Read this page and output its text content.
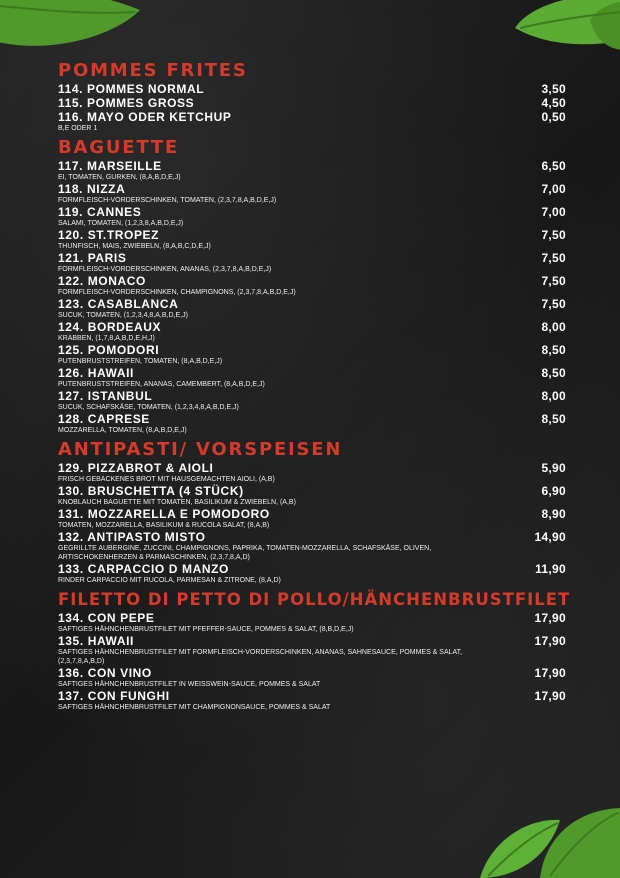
POMMES FRITES
114. POMMES NORMAL	3,50
115. POMMES GROSS	4,50
116. MAYO ODER KETCHUP
B,E ODER 1
0,50
BAGUETTE
117. MARSEILLE
EI, TOMATEN, GURKEN, (8,A,B,D,E,J)
6,50
118. NIZZA
FORMFLEISCH-VORDERSCHINKEN, TOMATEN, (2,3,7,8,A,B,D,E,J)
7,00
119. CANNES
SALAMI, TOMATEN, (1,2,3,8,A,B,D,E,J)
7,00
120. ST.TROPEZ
THUNFISCH, MAIS, ZWIEBELN, (8,A,B,C,D,E,J)
7,50
121. PARIS
FORMFLEISCH-VORDERSCHINKEN, ANANAS, (2,3,7,8,A,B,D,E,J)
7,50
122. MONACO
FORMFLEISCH-VORDERSCHINKEN, CHAMPIGNONS, (2,3,7,8,A,B,D,E,J)
7,50
123. CASABLANCA
SUCUK, TOMATEN, (1,2,3,4,8,A,B,D,E,J)
7,50
124. BORDEAUX
KRABBEN, (1,7,8,A,B,D,E,H,J)
8,00
125. POMODORI
PUTENBRUSTSTREIFEN, TOMATEN, (8,A,B,D,E,J)
8,50
126. HAWAII
PUTENBRUSTSTREIFEN, ANANAS, CAMEMBERT, (8,A,B,D,E,J)
8,50
127. ISTANBUL
SUCUK, SCHAFSKÄSE, TOMATEN, (1,2,3,4,8,A,B,D,E,J)
8,00
128. CAPRESE
MOZZARELLA, TOMATEN, (8,A,B,D,E,J)
8,50
ANTIPASTI/ VORSPEISEN
129. PIZZABROT & AIOLI
FRISCH GEBACKENES BROT MIT HAUSGEMACHTEN AIOLI, (A,B)
5,90
130. BRUSCHETTA (4 STÜCK)
KNOBLAUCH BAGUETTE MIT TOMATEN, BASILIKUM & ZWIEBELN, (A,B)
6,90
131. MOZZARELLA E POMODORO
TOMATEN, MOZZARELLA, BASILIKUM & RUCOLA SALAT, (8,A,B)
8,90
132. ANTIPASTO MISTO
GEGRILLTE AUBERGINE, ZUCCINI, CHAMPIGNONS, PAPRIKA, TOMATEN-MOZZARELLA, SCHAFSKÄSE, OLIVEN, ARTISCHOKENHERZEN & PARMASCHINKEN, (2,3,7,8,A,D)
14,90
133. CARPACCIO D MANZO
RINDER CARPACCIO MIT RUCOLA, PARMESAN & ZITRONE, (8,A,D)
11,90
FILETTO DI PETTO DI POLLO/HÄNCHENBRUSTFILET
134. CON PEPE
SAFTIGES HÄHNCHENBRUSTFILET MIT PFEFFER-SAUCE, POMMES & SALAT, (8,B,D,E,J)
17,90
135. HAWAII
SAFTIGES HÄHNCHENBRUSTFILET MIT FORMFLEISCH-VORDERSCHINKEN, ANANAS, SAHNESAUCE, POMMES & SALAT, (2,3,7,8,A,B,D)
17,90
136. CON VINO
SAFTIGES HÄHNCHENBRUSTFILET IN WEISSWEIN-SAUCE, POMMES & SALAT
17,90
137. CON FUNGHI
SAFTIGES HÄHNCHENBRUSTFILET MIT CHAMPIGNONSAUCE, POMMES & SALAT
17,90
